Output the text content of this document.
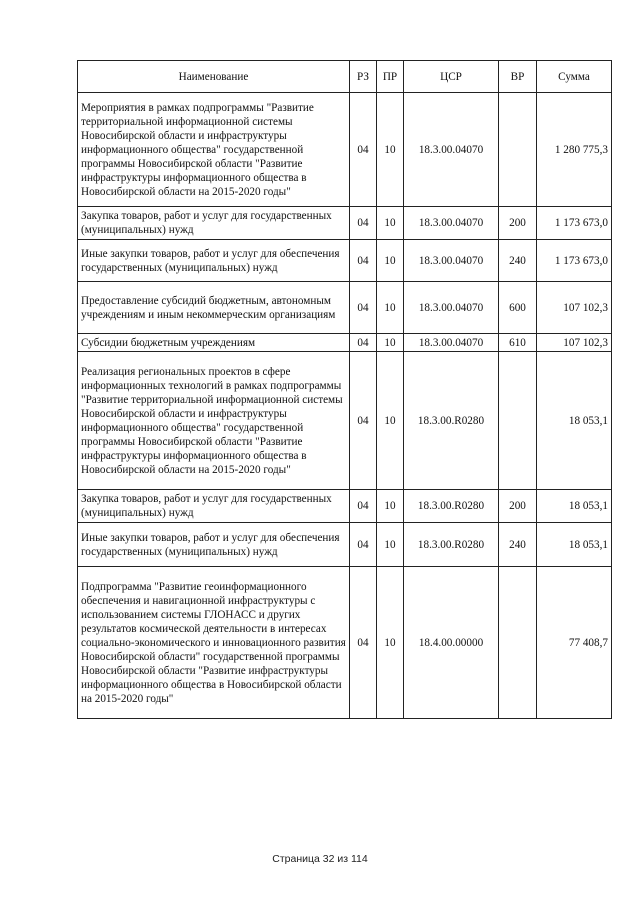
Наименование	РЗ	ПР	ЦСР	ВР	Сумма
Мероприятия в рамках подпрограммы "Развитие территориальной информационной системы Новосибирской области и инфраструктуры информационного общества" государственной программы Новосибирской области "Развитие инфраструктуры информационного общества в Новосибирской области на 2015-2020 годы"	04	10	18.3.00.04070		1 280 775,3
Закупка товаров, работ и услуг для государственных (муниципальных) нужд	04	10	18.3.00.04070	200	1 173 673,0
Иные закупки товаров, работ и услуг для обеспечения государственных (муниципальных) нужд	04	10	18.3.00.04070	240	1 173 673,0
Предоставление субсидий бюджетным, автономным учреждениям и иным некоммерческим организациям	04	10	18.3.00.04070	600	107 102,3
Субсидии бюджетным учреждениям	04	10	18.3.00.04070	610	107 102,3
Реализация региональных проектов в сфере информационных технологий в рамках подпрограммы "Развитие территориальной информационной системы Новосибирской области и инфраструктуры информационного общества" государственной программы Новосибирской области "Развитие инфраструктуры информационного общества в Новосибирской области на 2015-2020 годы"	04	10	18.3.00.R0280		18 053,1
Закупка товаров, работ и услуг для государственных (муниципальных) нужд	04	10	18.3.00.R0280	200	18 053,1
Иные закупки товаров, работ и услуг для обеспечения государственных (муниципальных) нужд	04	10	18.3.00.R0280	240	18 053,1
Подпрограмма "Развитие геоинформационного обеспечения и навигационной инфраструктуры с использованием системы ГЛОНАСС и других результатов космической деятельности в интересах социально-экономического и инновационного развития Новосибирской области" государственной программы Новосибирской области "Развитие инфраструктуры информационного общества в Новосибирской области на 2015-2020 годы"	04	10	18.4.00.00000		77 408,7
Страница 32 из 114
